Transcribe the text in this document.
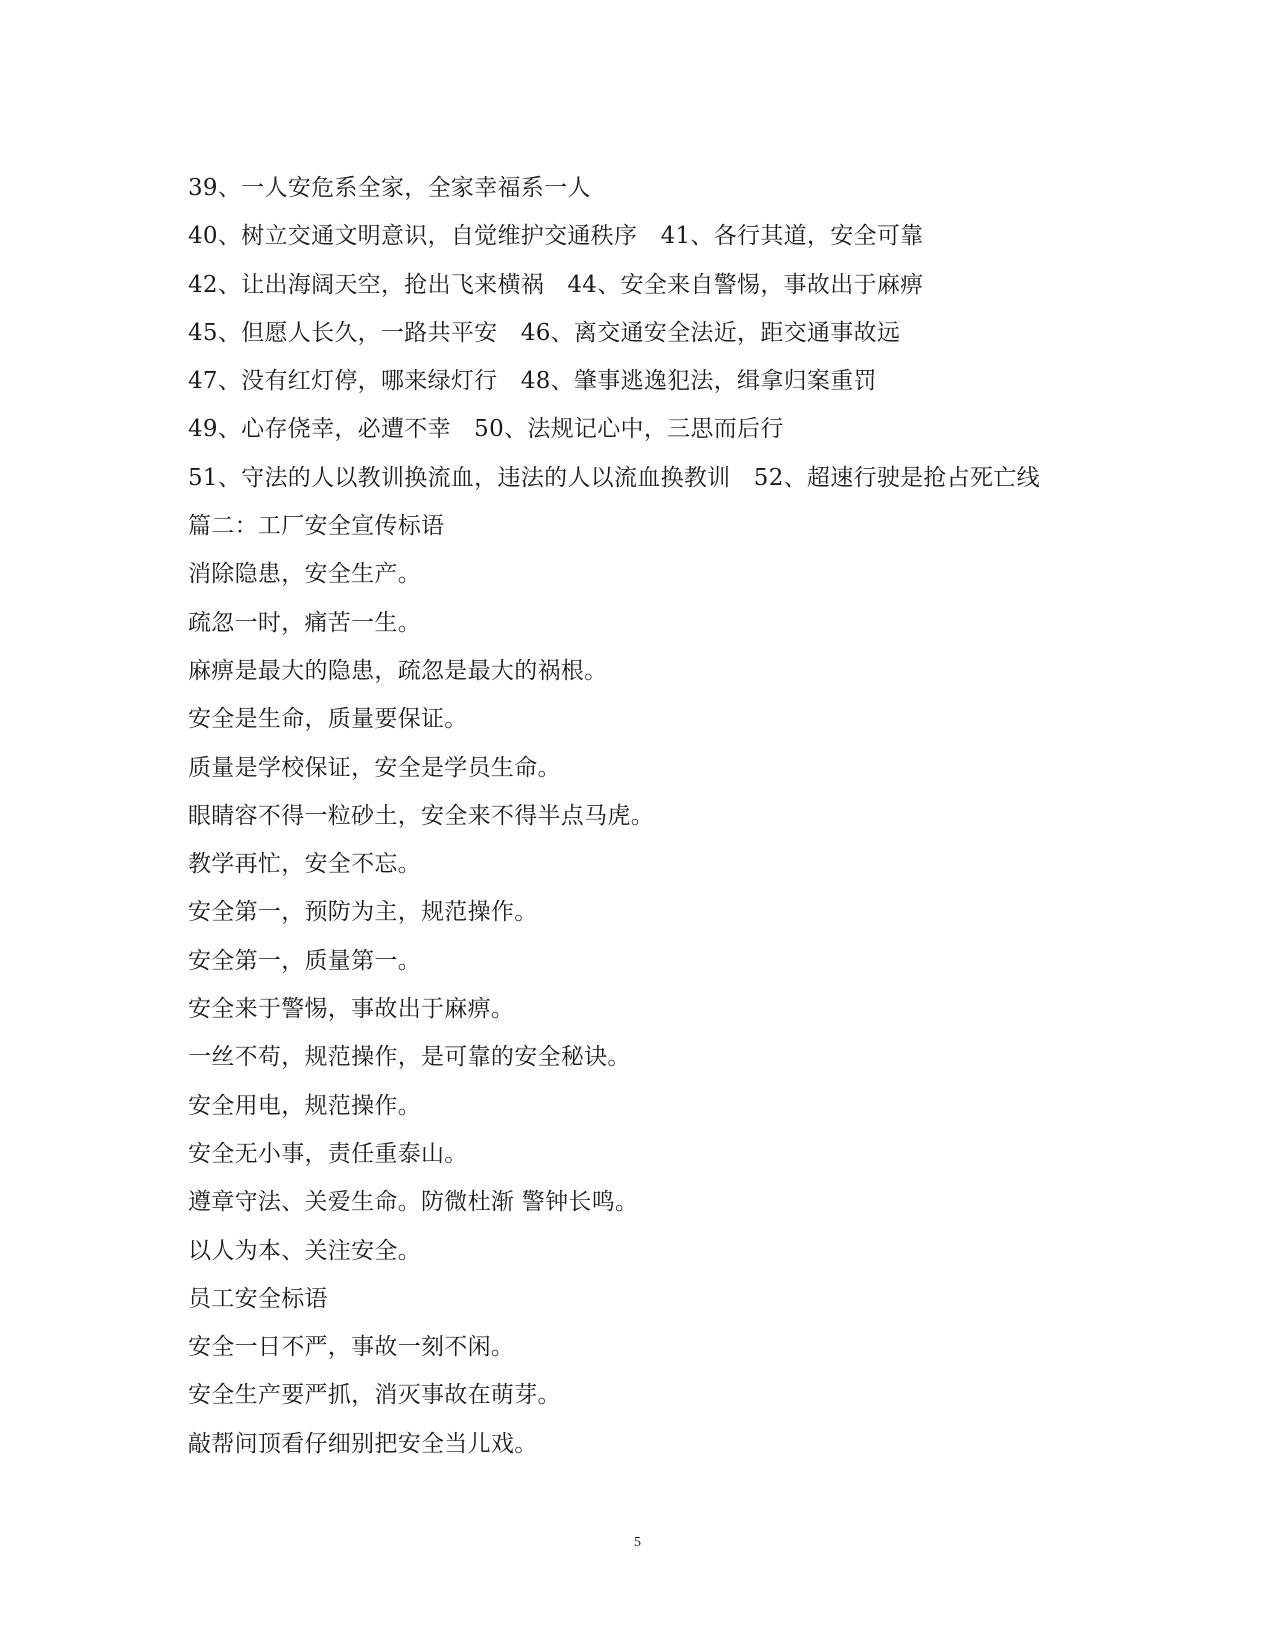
39、一人安危系全家，全家幸福系一人
40、树立交通文明意识，自觉维护交通秩序　41、各行其道，安全可靠
42、让出海阔天空，抢出飞来横祸　44、安全来自警惕，事故出于麻痹
45、但愿人长久，一路共平安　46、离交通安全法近，距交通事故远
47、没有红灯停，哪来绿灯行　48、肇事逃逸犯法，缉拿归案重罚
49、心存侥幸，必遭不幸　50、法规记心中，三思而后行
51、守法的人以教训换流血，违法的人以流血换教训　52、超速行驶是抢占死亡线
篇二：工厂安全宣传标语
消除隐患，安全生产。
疏忽一时，痛苦一生。
麻痹是最大的隐患，疏忽是最大的祸根。
安全是生命，质量要保证。
质量是学校保证，安全是学员生命。
眼睛容不得一粒砂土，安全来不得半点马虎。
教学再忙，安全不忘。
安全第一，预防为主，规范操作。
安全第一，质量第一。
安全来于警惕，事故出于麻痹。
一丝不苟，规范操作，是可靠的安全秘诀。
安全用电，规范操作。
安全无小事，责任重泰山。
遵章守法、关爱生命。防微杜渐 警钟长鸣。
以人为本、关注安全。
员工安全标语
安全一日不严，事故一刻不闲。
安全生产要严抓，消灭事故在萌芽。
敲帮问顶看仔细别把安全当儿戏。
5
